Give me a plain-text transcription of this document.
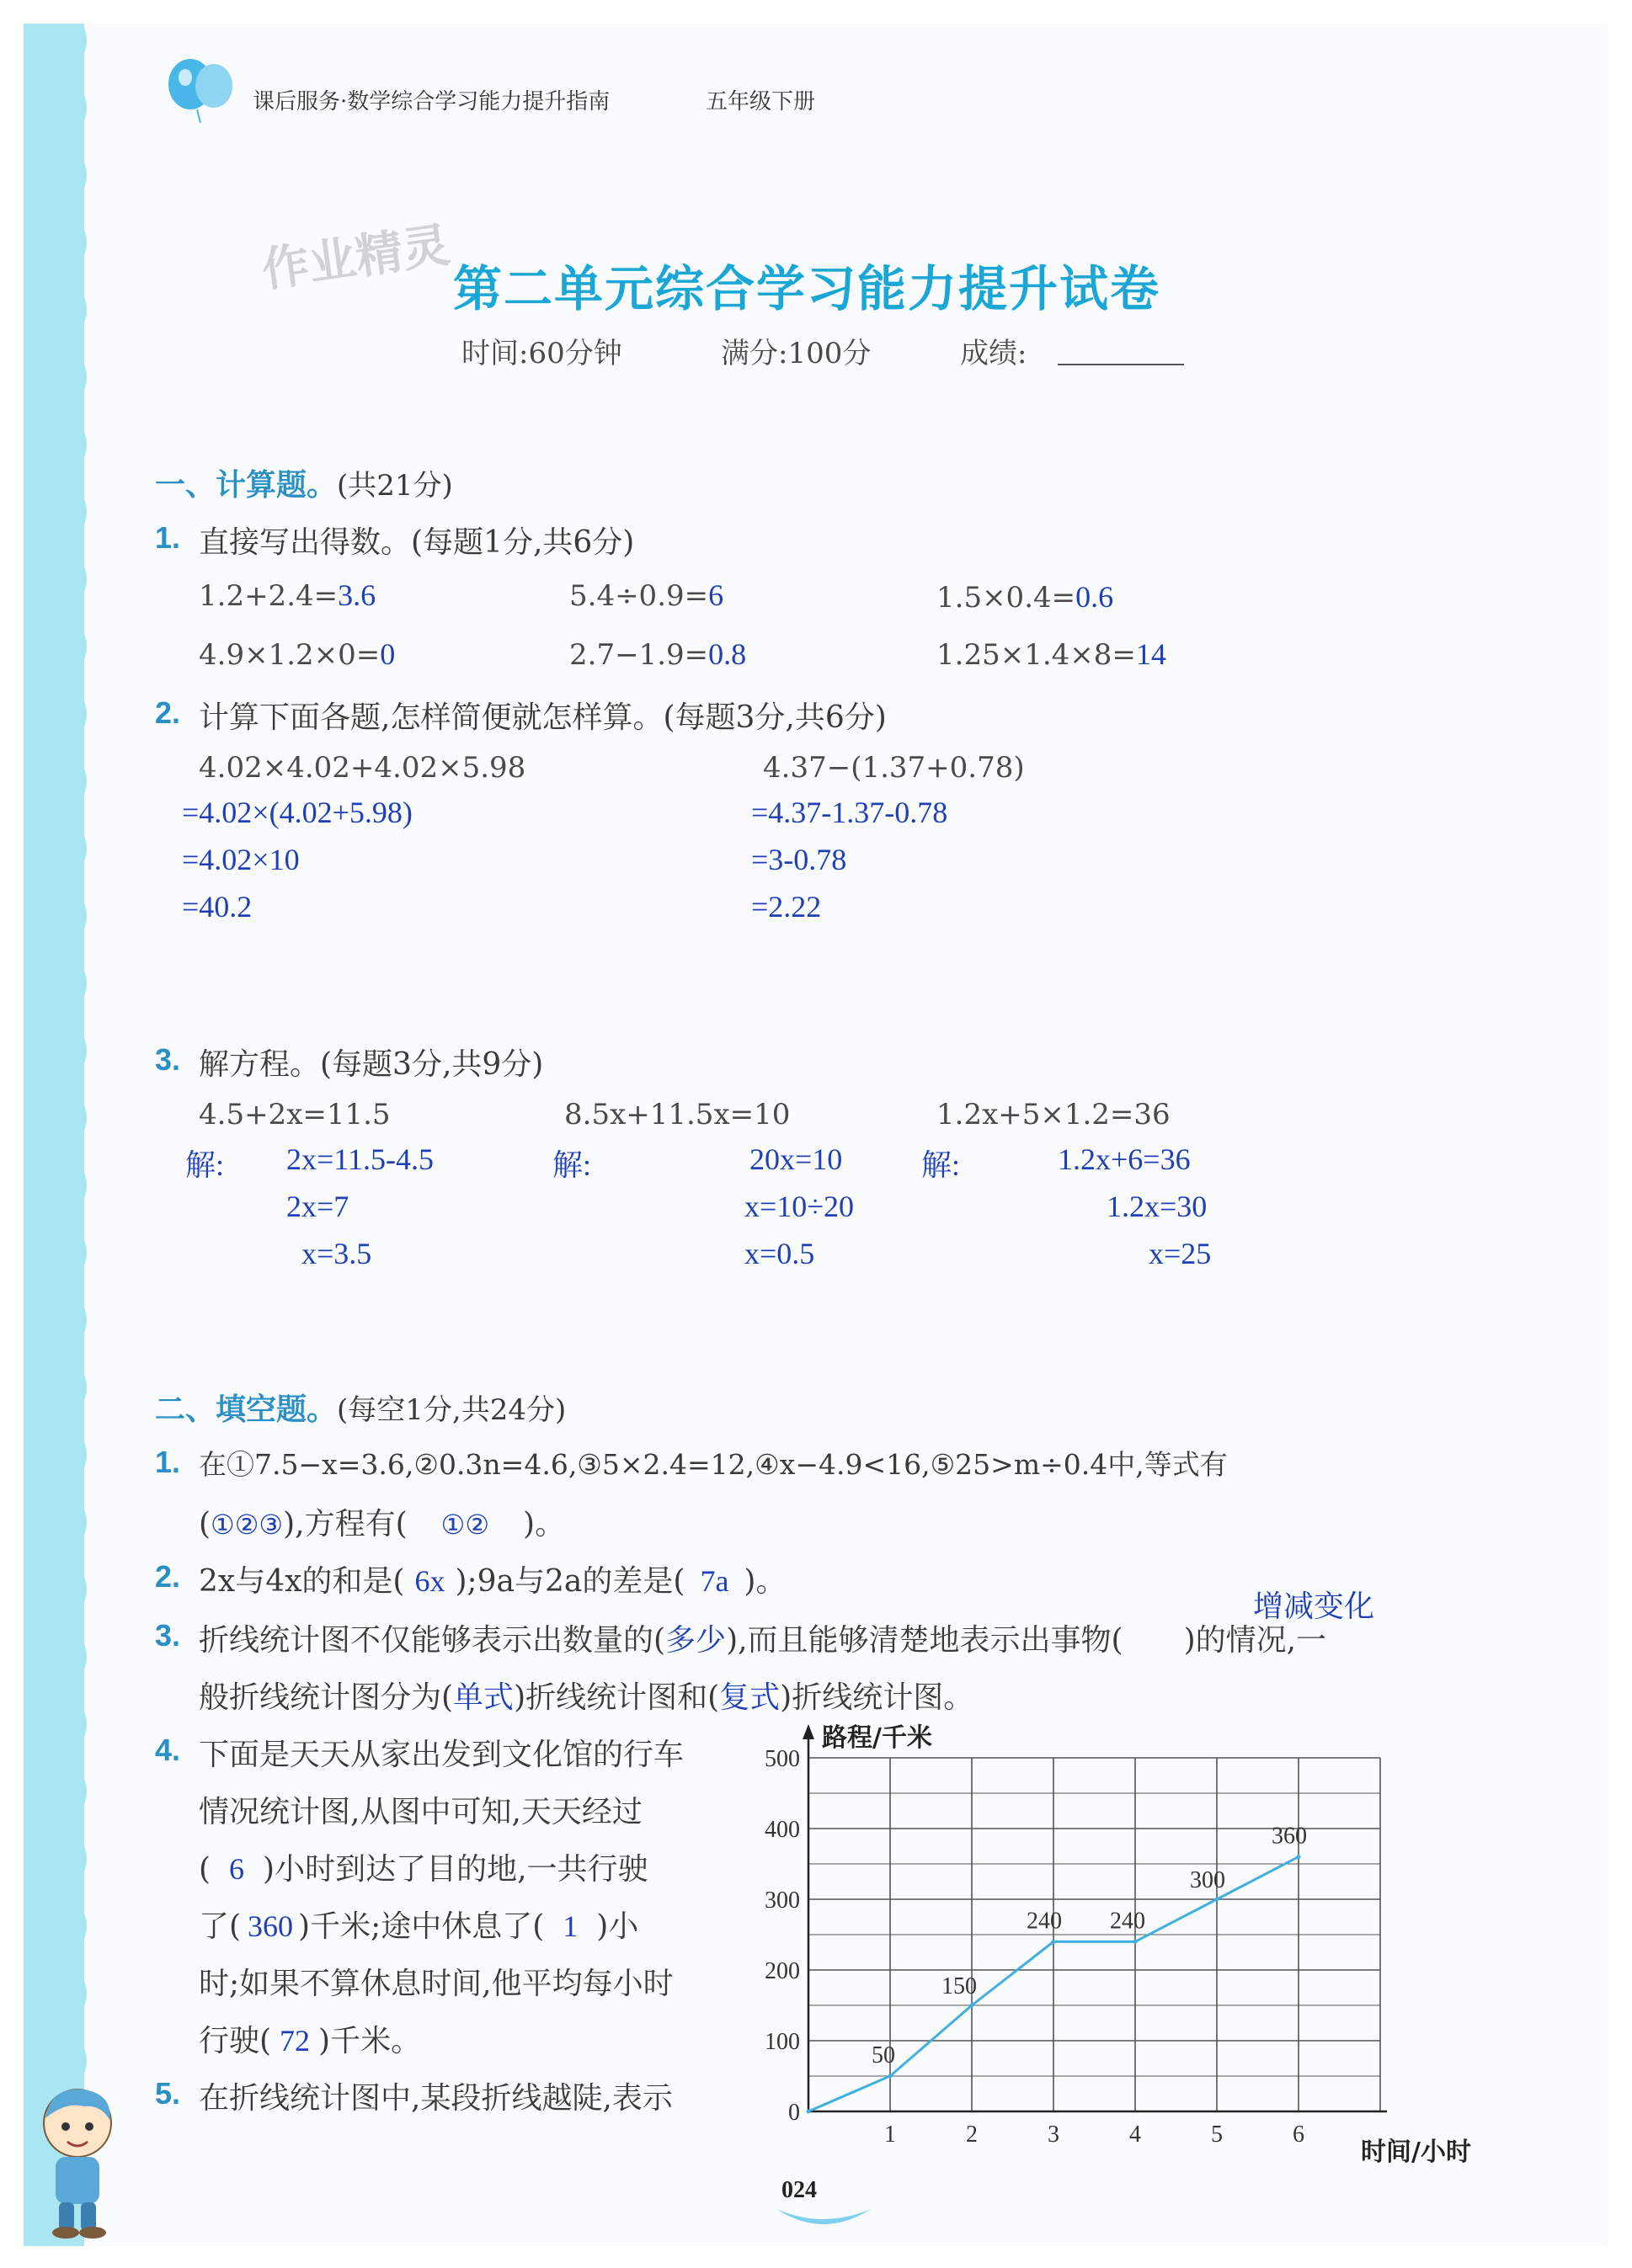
课后服务·数学综合学习能力提升指南	五年级下册
作业精灵 第二单元综合学习能力提升试卷
时间:60分钟	满分:100分	成绩:
一、计算题。(共21分)
1. 直接写出得数。(每题1分,共6分)
1.2+2.4=3.6	5.4÷0.9=6	1.5×0.4=0.6
4.9×1.2×0=0	2.7−1.9=0.8	1.25×1.4×8=14
2. 计算下面各题,怎样简便就怎样算。(每题3分,共6分)
4.02×4.02+4.02×5.98
=4.02×(4.02+5.98)
=4.02×10
=40.2
4.37−(1.37+0.78)
=4.37-1.37-0.78
=3-0.78
=2.22
3. 解方程。(每题3分,共9分)
4.5+2x=11.5
解: 2x=11.5-4.5
2x=7
x=3.5
8.5x+11.5x=10
解:	20x=10
x=10÷20
x=0.5
1.2x+5×1.2=36
解:	1.2x+6=36
1.2x=30
x=25
二、填空题。(每空1分,共24分)
1. 在①7.5−x=3.6,②0.3n=4.6,③5×2.4=12,④x−4.9<16,⑤25>m÷0.4中,等式有
(①②③),方程有( ①② )。
2. 2x与4x的和是( 6x );9a与2a的差是( 7a )。
3.
增减变化
折线统计图不仅能够表示出数量的(多少),而且能够清楚地表示出事物( )的情况,一
般折线统计图分为(单式)折线统计图和(复式)折线统计图。
4. 下面是天天从家出发到文化馆的行车
情况统计图,从图中可知,天天经过
( 6 )小时到达了目的地,一共行驶
了( 360 )千米;途中休息了( 1 )小
时;如果不算休息时间,他平均每小时
行驶( 72 )千米。
5. 在折线统计图中,某段折线越陡,表示	0
100
200
300
400
500
1	2	3	4	5	6
50
150
240 240
300
360
路程/千米
时间/小时
024
